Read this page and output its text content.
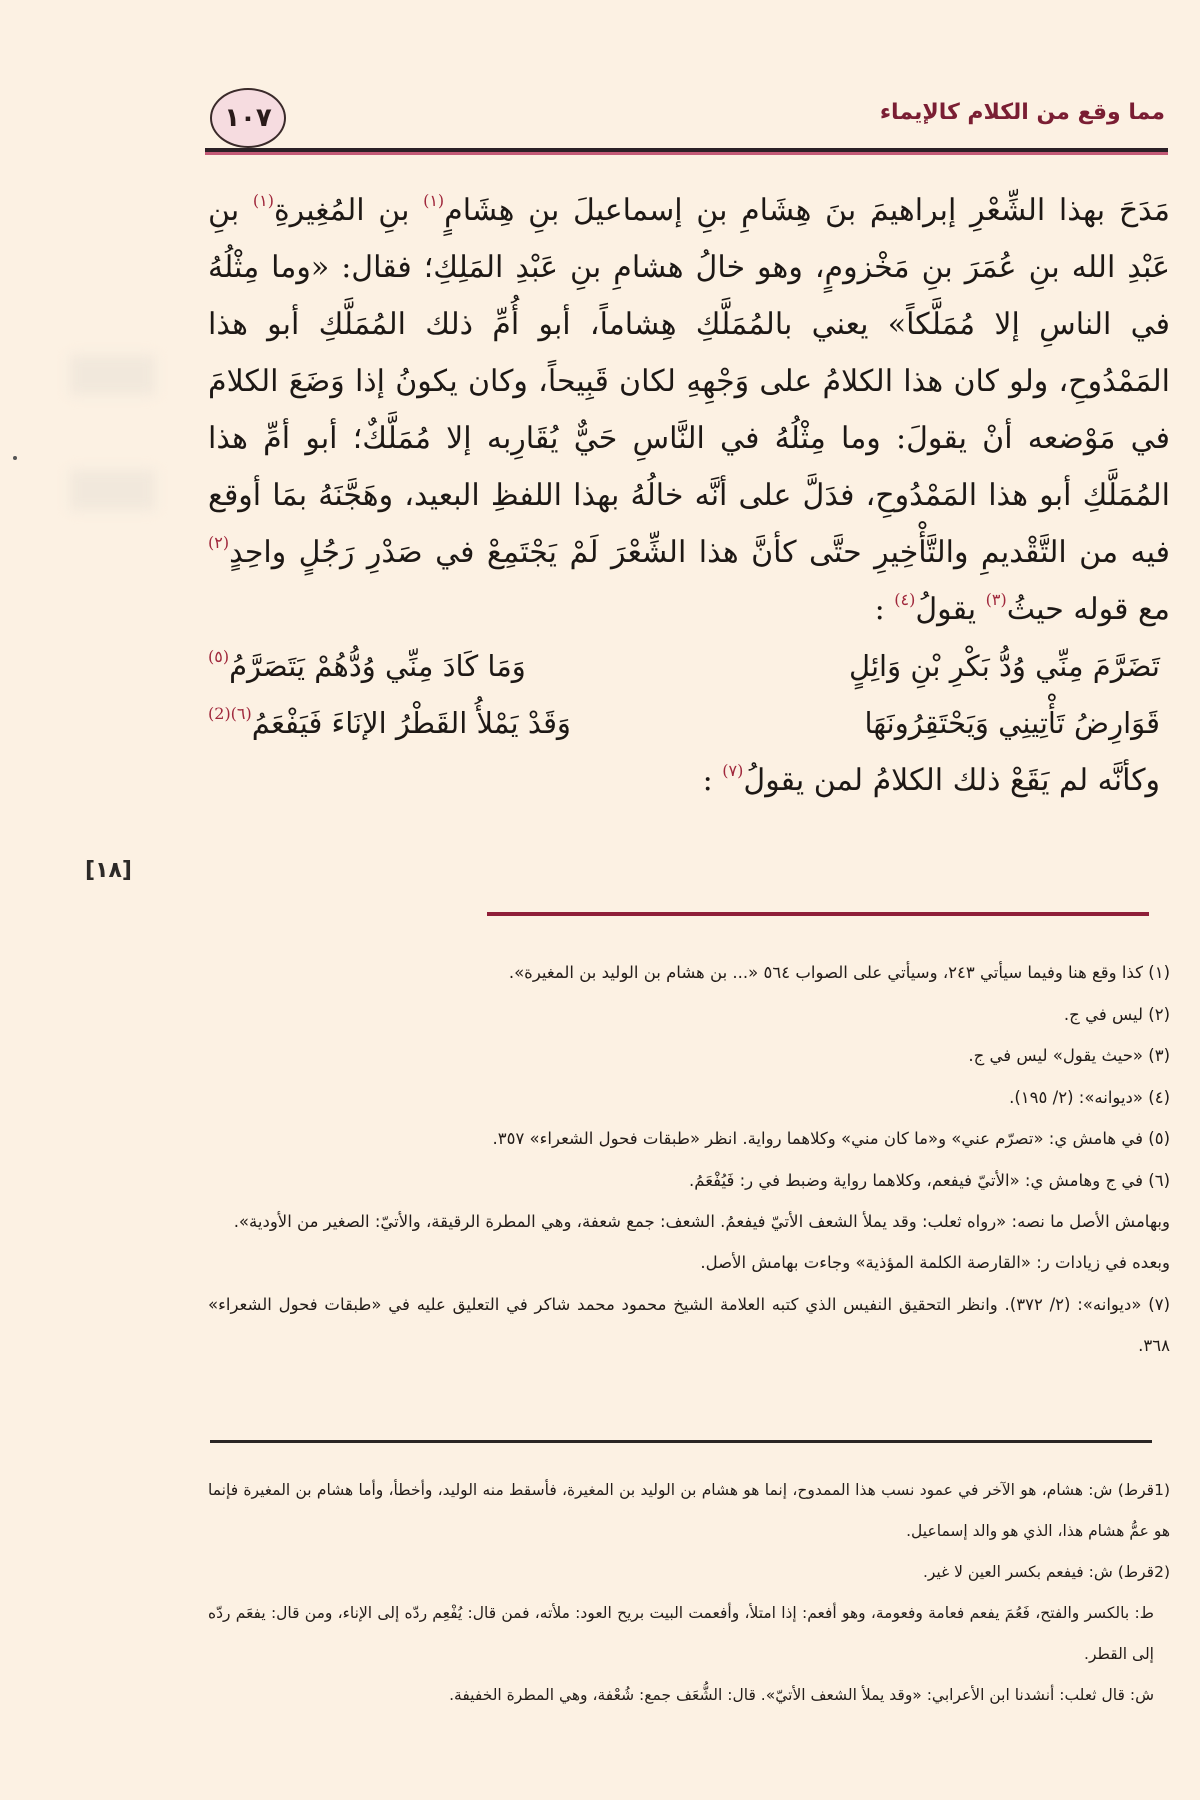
مما وقع من الكلام كالإيماء
١٠٧
[١٨]

مَدَحَ بهذا الشِّعْرِ إبراهيمَ بنَ هِشَامِ بنِ إسماعيلَ بنِ هِشَامٍ$^{(١)}$ بنِ المُغِيرةِ$^{(١)}$ بنِ عَبْدِ الله بنِ عُمَرَ بنِ مَخْزومٍ، وهو خالُ هشامِ بنِ عَبْدِ المَلِكِ؛ فقال: «وما مِثْلُهُ في الناسِ إلا مُمَلَّكاً» يعني بالمُمَلَّكِ هِشاماً، أبو أُمِّ ذلك المُمَلَّكِ أبو هذا المَمْدُوحِ، ولو كان هذا الكلامُ على وَجْهِهِ لكان قَبِيحاً، وكان يكونُ إذا وَضَعَ الكلامَ في مَوْضعه أنْ يقولَ: وما مِثْلُهُ في النَّاسِ حَيٌّ يُقَارِبه إلا مُمَلَّكٌ؛ أبو أمِّ هذا المُمَلَّكِ أبو هذا المَمْدُوحِ، فدَلَّ على أنَّه خالُهُ بهذا اللفظِ البعيد، وهَجَّنَهُ بمَا أوقع فيه من التَّقْديمِ والتَّأْخِيرِ حتَّى كأنَّ هذا الشِّعْرَ لَمْ يَجْتَمِعْ في صَدْرِ رَجُلٍ واحِدٍ$^{(٢)}$ مع قوله حيثُ$^{(٣)}$ يقولُ$^{(٤)}$ :

تَضَرَّمَ مِنِّي وُدُّ بَكْرِ بْنِ وَائِلٍ
وَمَا كَادَ مِنِّي وُدُّهُمْ يَتَصَرَّمُ$^{(٥)}$
قَوَارِضُ تَأْتِينِي وَيَحْتَقِرُونَهَا
وَقَدْ يَمْلأُ القَطْرُ الإنَاءَ فَيَفْعَمُ$^{(٦)(2)}$

وكأنَّه لم يَقَعْ ذلك الكلامُ لمن يقولُ$^{(٧)}$ :

(١) كذا وقع هنا وفيما سيأتي ٢٤٣، وسيأتي على الصواب ٥٦٤ «... بن هشام بن الوليد بن المغيرة».
(٢) ليس في ج.
(٣) «حيث يقول» ليس في ج.
(٤) «ديوانه»: (٢/ ١٩٥).
(٥) في هامش ي: «تصرّم عني» و«ما كان مني» وكلاهما رواية. انظر «طبقات فحول الشعراء» ٣٥٧.
(٦) في ج وهامش ي: «الأتيّ فيفعم، وكلاهما رواية وضبط في ر: فَيُفْعَمُ.
وبهامش الأصل ما نصه: «رواه ثعلب: وقد يملأ الشعف الأتيّ فيفعمُ. الشعف: جمع شعفة، وهي المطرة الرقيقة، والأتيّ: الصغير من الأودية».
وبعده في زيادات ر: «القارصة الكلمة المؤذية» وجاءت بهامش الأصل.
(٧) «ديوانه»: (٢/ ٣٧٢). وانظر التحقيق النفيس الذي كتبه العلامة الشيخ محمود محمد شاكر في التعليق عليه في «طبقات فحول الشعراء» ٣٦٨.
(1قرط) ش: هشام، هو الآخر في عمود نسب هذا الممدوح، إنما هو هشام بن الوليد بن المغيرة، فأسقط منه الوليد، وأخطأ، وأما هشام بن المغيرة فإنما هو عمُّ هشام هذا، الذي هو والد إسماعيل.
(2قرط) ش: فيفعم بكسر العين لا غير.
ط: بالكسر والفتح، فَعُمَ يفعم فعامة وفعومة، وهو أفعم: إذا امتلأ، وأفعمت البيت بريح العود: ملأته، فمن قال: يُفْعِم ردّه إلى الإناء، ومن قال: يفعَم ردّه إلى القطر.
ش: قال ثعلب: أنشدنا ابن الأعرابي: «وقد يملأ الشعف الأتيّ». قال: الشُّعَف جمع: شُعْفة، وهي المطرة الخفيفة.
